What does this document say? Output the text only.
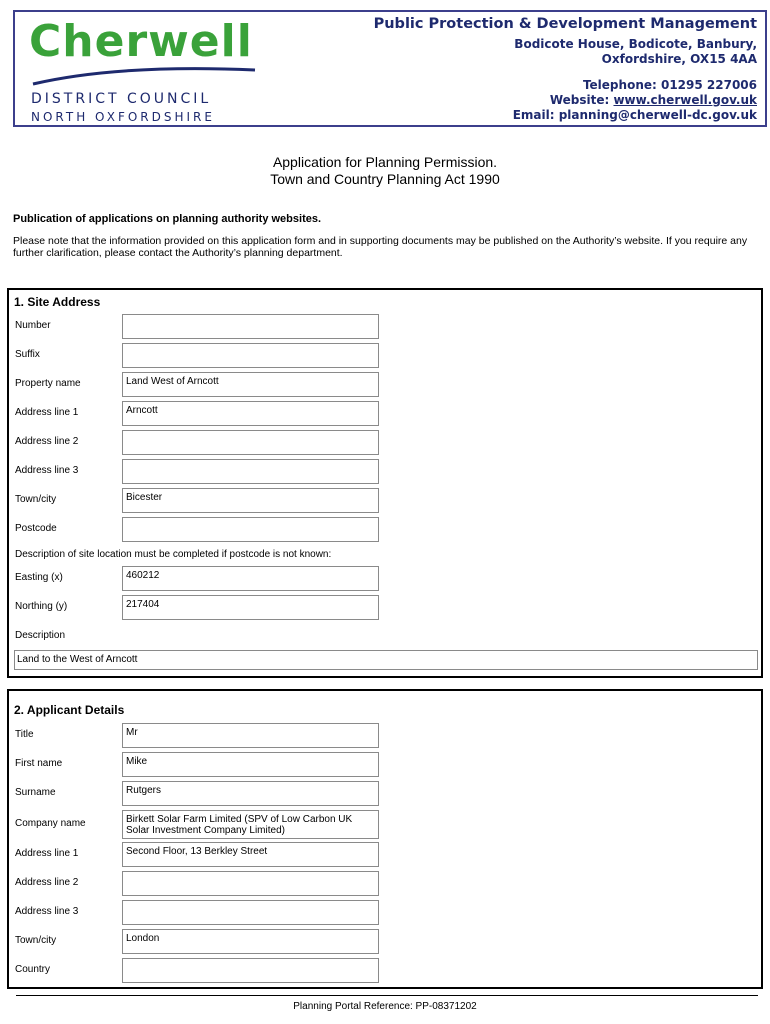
Cherwell
DISTRICT COUNCIL
NORTH OXFORDSHIRE
Public Protection & Development Management
Bodicote House, Bodicote, Banbury,
Oxfordshire, OX15 4AA
Telephone: 01295 227006
Website: www.cherwell.gov.uk
Email: planning@cherwell-dc.gov.uk
Application for Planning Permission.
Town and Country Planning Act 1990
Publication of applications on planning authority websites.
Please note that the information provided on this application form and in supporting documents may be published on the Authority’s website. If you require any further clarification, please contact the Authority’s planning department.
1. Site Address
Number
Suffix
Property name	Land West of Arncott
Address line 1	Arncott
Address line 2
Address line 3
Town/city	Bicester
Postcode
Description of site location must be completed if postcode is not known:
Easting (x)	460212
Northing (y)	217404
Description
Land to the West of Arncott
2. Applicant Details
Title	Mr
First name	Mike
Surname	Rutgers
Company name	Birkett Solar Farm Limited (SPV of Low Carbon UK Solar Investment Company Limited)
Address line 1	Second Floor, 13 Berkley Street
Address line 2
Address line 3
Town/city	London
Country
Planning Portal Reference: PP-08371202
